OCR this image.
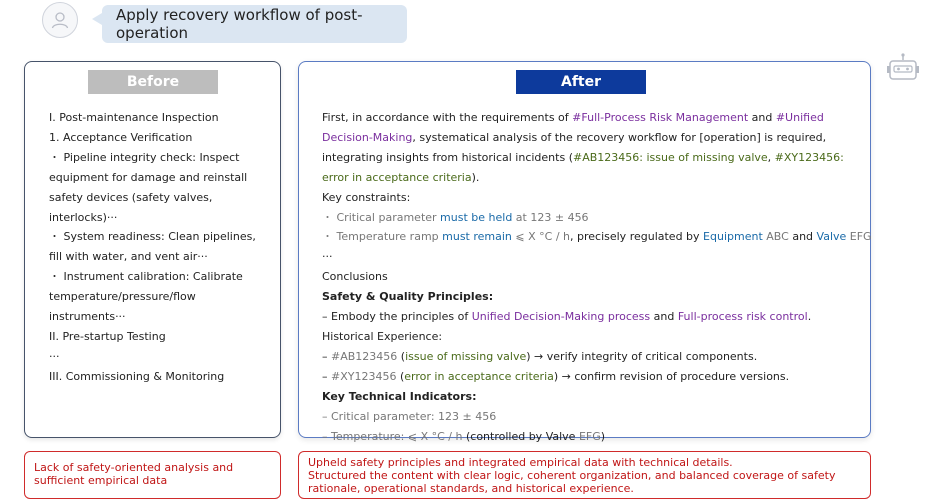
Apply recovery workflow of post-operation
Before
I. Post-maintenance Inspection
1. Acceptance Verification
・ Pipeline integrity check: Inspect equipment for damage and reinstall safety devices (safety valves, interlocks)···
・ System readiness: Clean pipelines, fill with water, and vent air···
・ Instrument calibration: Calibrate temperature/pressure/flow instruments···
II. Pre-startup Testing
···
III. Commissioning & Monitoring
After
First, in accordance with the requirements of #Full-Process Risk Management and #Unified Decision-Making, systematical analysis of the recovery workflow for [operation] is required, integrating insights from historical incidents (#AB123456: issue of missing valve, #XY123456: error in acceptance criteria).
Key constraints:
・ Critical parameter must be held at 123 ± 456
・ Temperature ramp must remain ⩽ X °C / h, precisely regulated by Equipment ABC and Valve EFG
···
Conclusions
Safety & Quality Principles:
– Embody the principles of Unified Decision-Making process and Full-process risk control.
Historical Experience:
– #AB123456 (issue of missing valve) → verify integrity of critical components.
– #XY123456 (error in acceptance criteria) → confirm revision of procedure versions.
Key Technical Indicators:
– Critical parameter: 123 ± 456
– Temperature: ⩽ X °C / h (controlled by Valve EFG)
Lack of safety-oriented analysis and sufficient empirical data
Upheld safety principles and integrated empirical data with technical details.
Structured the content with clear logic, coherent organization, and balanced coverage of safety rationale, operational standards, and historical experience.
